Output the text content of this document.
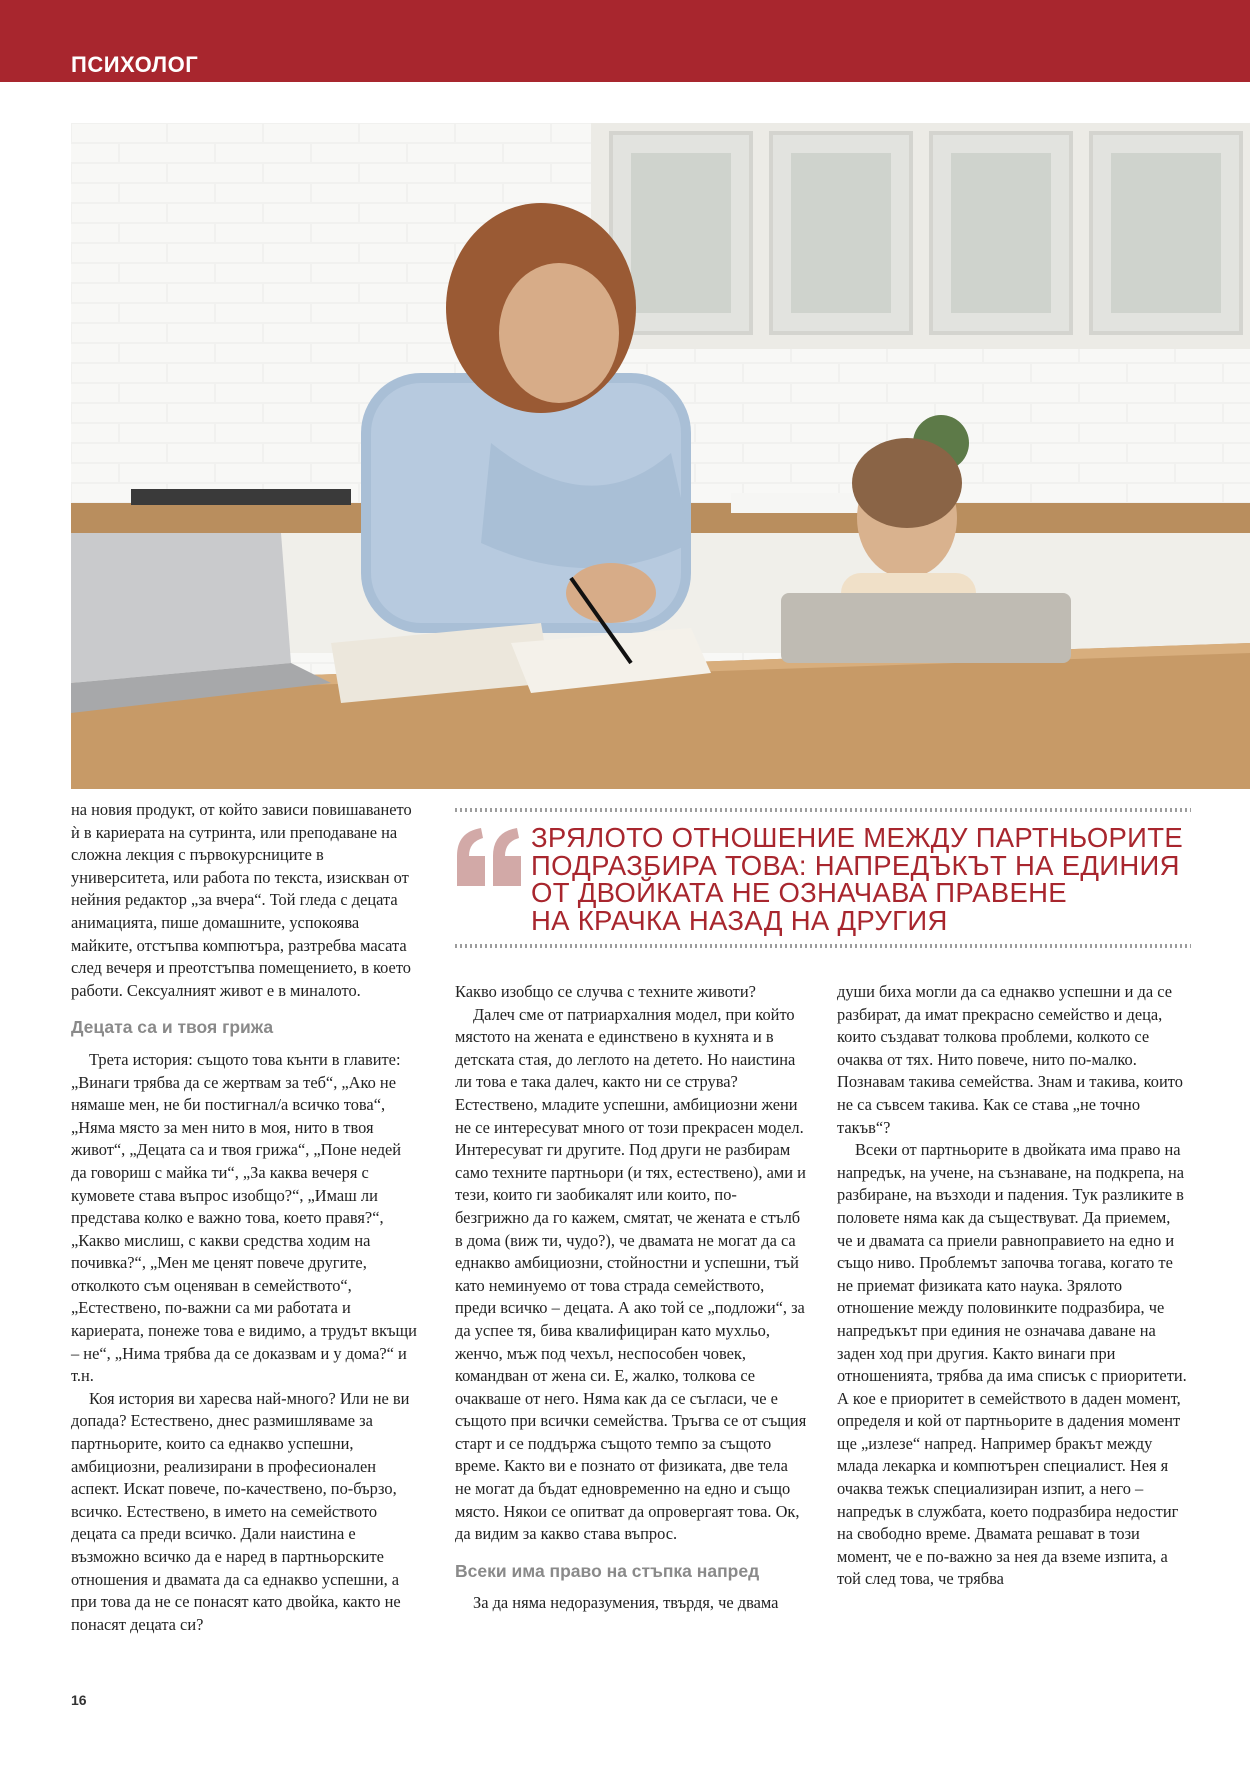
ПСИХОЛОГ

на новия продукт, от който зависи повишаването ѝ в кариерата на сутринта, или преподаване на сложна лекция с първокурсниците в университета, или работа по текста, изискван от нейния редактор „за вчера“. Той гледа с децата анимацията, пише домашните, успокоява майките, отстъпва компютъра, разтребва масата след вечеря и преотстъпва помещението, в което работи. Сексуалният живот е в миналото.

Децата са и твоя грижа

Трета история: същото това кънти в главите: „Винаги трябва да се жертвам за теб“, „Ако не нямаше мен, не би постигнал/а всичко това“, „Няма място за мен нито в моя, нито в твоя живот“, „Децата са и твоя грижа“, „Поне недей да говориш с майка ти“, „За каква вечеря с кумовете става въпрос изобщо?“, „Имаш ли представа колко е важно това, което правя?“, „Какво мислиш, с какви средства ходим на почивка?“, „Мен ме ценят повече другите, отколкото съм оценяван в семейството“, „Естествено, по-важни са ми работата и кариерата, понеже това е видимо, а трудът вкъщи – не“, „Нима трябва да се доказвам и у дома?“ и т.н.

Коя история ви харесва най-много? Или не ви допада? Естествено, днес размишляваме за партньорите, които са еднакво успешни, амбициозни, реализирани в професионален аспект. Искат повече, по-качествено, по-бързо, всичко. Естествено, в името на семейството децата са преди всичко. Дали наистина е възможно всичко да е наред в партньорските отношения и двамата да са еднакво успешни, а при това да не се понасят като двойка, както не понасят децата си?

ЗРЯЛОТО ОТНОШЕНИЕ МЕЖДУ ПАРТНЬОРИТЕ
ПОДРАЗБИРА ТОВА: НАПРЕДЪКЪТ НА ЕДИНИЯ
ОТ ДВОЙКАТА НЕ ОЗНАЧАВА ПРАВЕНЕ
НА КРАЧКА НАЗАД НА ДРУГИЯ

Какво изобщо се случва с техните животи?

Далеч сме от патриархалния модел, при който мястото на жената е единствено в кухнята и в детската стая, до леглото на детето. Но наистина ли това е така далеч, както ни се струва? Естествено, младите успешни, амбициозни жени не се интересуват много от този прекрасен модел. Интересуват ги другите. Под други не разбирам само техните партньори (и тях, естествено), ами и тези, които ги заобикалят или които, по-безгрижно да го кажем, смятат, че жената е стълб в дома (виж ти, чудо?), че двамата не могат да са еднакво амбициозни, стойностни и успешни, тъй като неминуемо от това страда семейството, преди всичко – децата. А ако той се „подложи“, за да успее тя, бива квалифициран като мухльо, женчо, мъж под чехъл, неспособен човек, командван от жена си. Е, жалко, толкова се очакваше от него. Няма как да се съгласи, че е същото при всички семейства. Тръгва се от същия старт и се поддържа същото темпо за същото време. Както ви е познато от физиката, две тела не могат да бъдат едновременно на едно и също място. Някои се опитват да опровергаят това. Ок, да видим за какво става въпрос.

Всеки има право на стъпка напред

За да няма недоразумения, твърдя, че двама

души биха могли да са еднакво успешни и да се разбират, да имат прекрасно семейство и деца, които създават толкова проблеми, колкото се очаква от тях. Нито повече, нито по-малко. Познавам такива семейства. Знам и такива, които не са съвсем такива. Как се става „не точно такъв“?

Всеки от партньорите в двойката има право на напредък, на учене, на съзнаване, на подкрепа, на разбиране, на възходи и падения. Тук разликите в половете няма как да съществуват. Да приемем, че и двамата са приели равноправието на едно и също ниво. Проблемът започва тогава, когато те не приемат физиката като наука. Зрялото отношение между половинките подразбира, че напредъкът при единия не означава даване на заден ход при другия. Както винаги при отношенията, трябва да има списък с приоритети. А кое е приоритет в семейството в даден момент, определя и кой от партньорите в дадения момент ще „излезе“ напред. Например бракът между млада лекарка и компютърен специалист. Нея я очаква тежък специализиран изпит, а него – напредък в службата, което подразбира недостиг на свободно време. Двамата решават в този момент, че е по-важно за нея да вземе изпита, а той след това, че трябва

16
